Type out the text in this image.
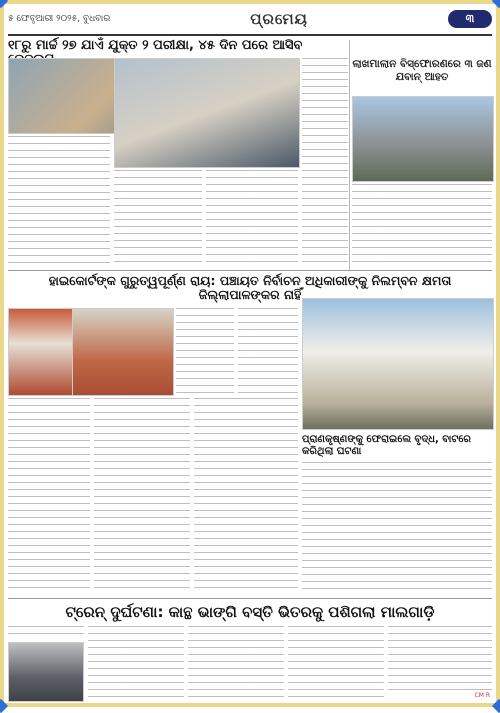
୫ ଫେବୃଆରୀ ୨୦୨୫, ବୁଧବାର	ପ୍ରମେୟ	୩
୧୮ରୁ ମାର୍ଚ୍ଚ ୨୭ ଯାଏଁ ଯୁକ୍ତ ୨ ପରୀକ୍ଷା, ୪୫ ଦିନ ପରେ ଆସିବ
ଲାଖମାଲାନ ବିସ୍ଫୋରଣରେ ୩ ଜଣ ଯବାନ୍ ଆହତ
ହାଇକୋର୍ଟଙ୍କ ଗୁରୁତ୍ୱପୂର୍ଣ୍ଣ ରାୟ: ପଞ୍ଚାୟତ ନିର୍ବାଚନ ଅଧିକାରୀଙ୍କୁ ନିଲମ୍ବନ କ୍ଷମତା ଜିଲ୍ଲାପାଳଙ୍କର ନାହିଁ
ପ୍ରାଣକୃଷ୍ଣଙ୍କୁ ଫେରାଇଲେ ବୃଦ୍ଧ, ବାଟରେ କରିଥିଲା ଘଟଣା
ଟ୍ରେନ୍ ଦୁର୍ଘଟଣା: କାନ୍ଥ ଭାଙ୍ଗି ବସ୍ତି ଭିତରକୁ ପଶିଗଲା ମାଲଗାଡ଼ି
CM R
